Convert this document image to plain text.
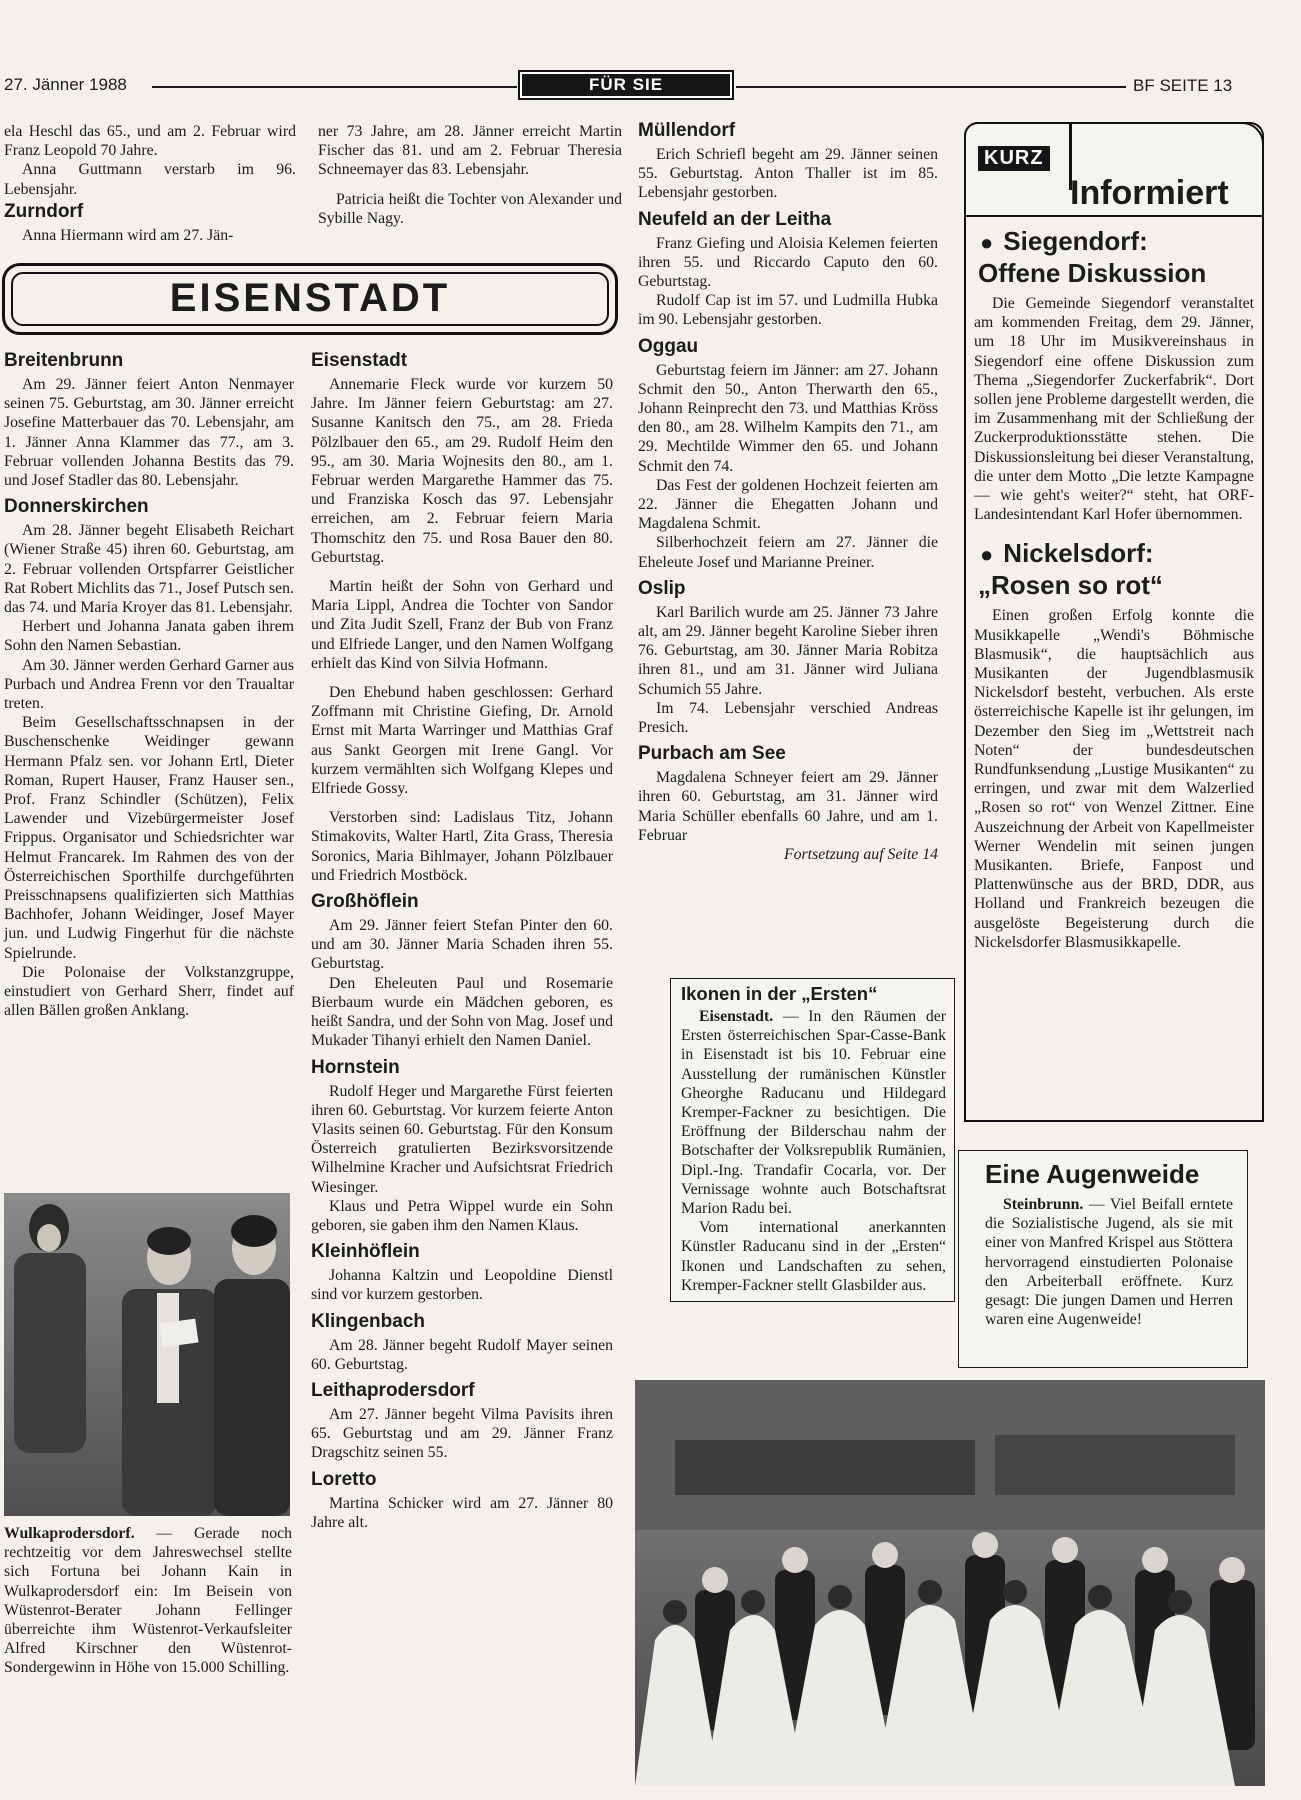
27. Jänner 1988	FÜR SIE	BF SEITE 13

ela Heschl das 65., und am 2. Februar wird Franz Leopold 70 Jahre.

Anna Guttmann verstarb im 96. Lebensjahr.

Zurndorf

Anna Hiermann wird am 27. Jän-

ner 73 Jahre, am 28. Jänner erreicht Martin Fischer das 81. und am 2. Februar Theresia Schneemayer das 83. Lebensjahr.

Patricia heißt die Tochter von Alexander und Sybille Nagy.

EISENSTADT
Breitenbrunn

Am 29. Jänner feiert Anton Nenmayer seinen 75. Geburtstag, am 30. Jänner erreicht Josefine Matterbauer das 70. Lebensjahr, am 1. Jänner Anna Klammer das 77., am 3. Februar vollenden Johanna Bestits das 79. und Josef Stadler das 80. Lebensjahr.

Donnerskirchen

Am 28. Jänner begeht Elisabeth Reichart (Wiener Straße 45) ihren 60. Geburtstag, am 2. Februar vollenden Ortspfarrer Geistlicher Rat Robert Michlits das 71., Josef Putsch sen. das 74. und Maria Kroyer das 81. Lebensjahr.

Herbert und Johanna Janata gaben ihrem Sohn den Namen Sebastian.

Am 30. Jänner werden Gerhard Garner aus Purbach und Andrea Frenn vor den Traualtar treten.

Beim Gesellschaftsschnapsen in der Buschenschenke Weidinger gewann Hermann Pfalz sen. vor Johann Ertl, Dieter Roman, Rupert Hauser, Franz Hauser sen., Prof. Franz Schindler (Schützen), Felix Lawender und Vizebürgermeister Josef Frippus. Organisator und Schiedsrichter war Helmut Francarek. Im Rahmen des von der Österreichischen Sporthilfe durchgeführten Preisschnapsens qualifizierten sich Matthias Bachhofer, Johann Weidinger, Josef Mayer jun. und Ludwig Fingerhut für die nächste Spielrunde.

Die Polonaise der Volkstanzgruppe, einstudiert von Gerhard Sherr, findet auf allen Bällen großen Anklang.

Wulkaprodersdorf. — Gerade noch rechtzeitig vor dem Jahreswechsel stellte sich Fortuna bei Johann Kain in Wulkaprodersdorf ein: Im Beisein von Wüstenrot-Berater Johann Fellinger überreichte ihm Wüstenrot-Verkaufsleiter Alfred Kirschner den Wüstenrot-Sondergewinn in Höhe von 15.000 Schilling.

Eisenstadt

Annemarie Fleck wurde vor kurzem 50 Jahre. Im Jänner feiern Geburtstag: am 27. Susanne Kanitsch den 75., am 28. Frieda Pölzlbauer den 65., am 29. Rudolf Heim den 95., am 30. Maria Wojnesits den 80., am 1. Februar werden Margarethe Hammer das 75. und Franziska Kosch das 97. Lebensjahr erreichen, am 2. Februar feiern Maria Thomschitz den 75. und Rosa Bauer den 80. Geburtstag.

Martin heißt der Sohn von Gerhard und Maria Lippl, Andrea die Tochter von Sandor und Zita Judit Szell, Franz der Bub von Franz und Elfriede Langer, und den Namen Wolfgang erhielt das Kind von Silvia Hofmann.

Den Ehebund haben geschlossen: Gerhard Zoffmann mit Christine Giefing, Dr. Arnold Ernst mit Marta Warringer und Matthias Graf aus Sankt Georgen mit Irene Gangl. Vor kurzem vermählten sich Wolfgang Klepes und Elfriede Gossy.

Verstorben sind: Ladislaus Titz, Johann Stimakovits, Walter Hartl, Zita Grass, Theresia Soronics, Maria Bihlmayer, Johann Pölzlbauer und Friedrich Mostböck.

Großhöflein

Am 29. Jänner feiert Stefan Pinter den 60. und am 30. Jänner Maria Schaden ihren 55. Geburtstag.

Den Eheleuten Paul und Rosemarie Bierbaum wurde ein Mädchen geboren, es heißt Sandra, und der Sohn von Mag. Josef und Mukader Tihanyi erhielt den Namen Daniel.

Hornstein

Rudolf Heger und Margarethe Fürst feierten ihren 60. Geburtstag. Vor kurzem feierte Anton Vlasits seinen 60. Geburtstag. Für den Konsum Österreich gratulierten Bezirksvorsitzende Wilhelmine Kracher und Aufsichtsrat Friedrich Wiesinger.

Klaus und Petra Wippel wurde ein Sohn geboren, sie gaben ihm den Namen Klaus.

Kleinhöflein

Johanna Kaltzin und Leopoldine Dienstl sind vor kurzem gestorben.

Klingenbach

Am 28. Jänner begeht Rudolf Mayer seinen 60. Geburtstag.

Leithaprodersdorf

Am 27. Jänner begeht Vilma Pavisits ihren 65. Geburtstag und am 29. Jänner Franz Dragschitz seinen 55.

Loretto

Martina Schicker wird am 27. Jänner 80 Jahre alt.

Müllendorf

Erich Schriefl begeht am 29. Jänner seinen 55. Geburtstag. Anton Thaller ist im 85. Lebensjahr gestorben.

Neufeld an der Leitha

Franz Giefing und Aloisia Kelemen feierten ihren 55. und Riccardo Caputo den 60. Geburtstag.

Rudolf Cap ist im 57. und Ludmilla Hubka im 90. Lebensjahr gestorben.

Oggau

Geburtstag feiern im Jänner: am 27. Johann Schmit den 50., Anton Therwarth den 65., Johann Reinprecht den 73. und Matthias Kröss den 80., am 28. Wilhelm Kampits den 71., am 29. Mechtilde Wimmer den 65. und Johann Schmit den 74.

Das Fest der goldenen Hochzeit feierten am 22. Jänner die Ehegatten Johann und Magdalena Schmit.

Silberhochzeit feiern am 27. Jänner die Eheleute Josef und Marianne Preiner.

Oslip

Karl Barilich wurde am 25. Jänner 73 Jahre alt, am 29. Jänner begeht Karoline Sieber ihren 76. Geburtstag, am 30. Jänner Maria Robitza ihren 81., und am 31. Jänner wird Juliana Schumich 55 Jahre.

Im 74. Lebensjahr verschied Andreas Presich.

Purbach am See

Magdalena Schneyer feiert am 29. Jänner ihren 60. Geburtstag, am 31. Jänner wird Maria Schüller ebenfalls 60 Jahre, und am 1. Februar

Fortsetzung auf Seite 14

Ikonen in der „Ersten“

Eisenstadt. — In den Räumen der Ersten österreichischen Spar-Casse-Bank in Eisenstadt ist bis 10. Februar eine Ausstellung der rumänischen Künstler Gheorghe Raducanu und Hildegard Kremper-Fackner zu besichtigen. Die Eröffnung der Bilderschau nahm der Botschafter der Volksrepublik Rumänien, Dipl.-Ing. Trandafir Cocarla, vor. Der Vernissage wohnte auch Botschaftsrat Marion Radu bei.

Vom international anerkannten Künstler Raducanu sind in der „Ersten“ Ikonen und Landschaften zu sehen, Kremper-Fackner stellt Glasbilder aus.

KURZ
Informiert
● Siegendorf:
Offene Diskussion

Die Gemeinde Siegendorf veranstaltet am kommenden Freitag, dem 29. Jänner, um 18 Uhr im Musikvereinshaus in Siegendorf eine offene Diskussion zum Thema „Siegendorfer Zuckerfabrik“. Dort sollen jene Probleme dargestellt werden, die im Zusammenhang mit der Schließung der Zuckerproduktionsstätte stehen. Die Diskussionsleitung bei dieser Veranstaltung, die unter dem Motto „Die letzte Kampagne — wie geht's weiter?“ steht, hat ORF-Landesintendant Karl Hofer übernommen.

● Nickelsdorf:
„Rosen so rot“

Einen großen Erfolg konnte die Musikkapelle „Wendi's Böhmische Blasmusik“, die hauptsächlich aus Musikanten der Jugendblasmusik Nickelsdorf besteht, verbuchen. Als erste österreichische Kapelle ist ihr gelungen, im Dezember den Sieg im „Wettstreit nach Noten“ der bundesdeutschen Rundfunksendung „Lustige Musikanten“ zu erringen, und zwar mit dem Walzerlied „Rosen so rot“ von Wenzel Zittner. Eine Auszeichnung der Arbeit von Kapellmeister Werner Wendelin mit seinen jungen Musikanten. Briefe, Fanpost und Plattenwünsche aus der BRD, DDR, aus Holland und Frankreich bezeugen die ausgelöste Begeisterung durch die Nickelsdorfer Blasmusikkapelle.

Eine Augenweide

Steinbrunn. — Viel Beifall erntete die Sozialistische Jugend, als sie mit einer von Manfred Krispel aus Stöttera hervorragend einstudierten Polonaise den Arbeiterball eröffnete. Kurz gesagt: Die jungen Damen und Herren waren eine Augenweide!
